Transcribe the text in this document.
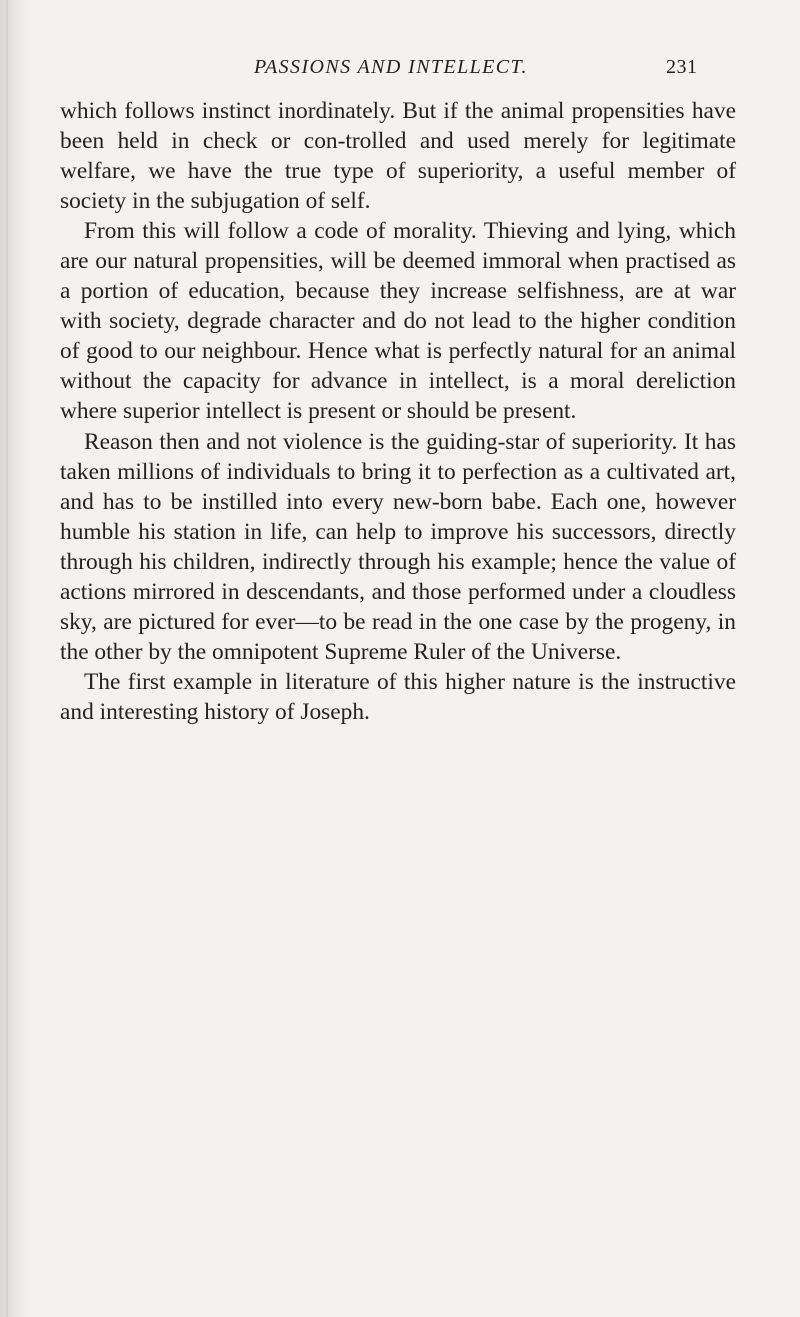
PASSIONS AND INTELLECT.	231

which follows instinct inordinately. But if the animal propensities have been held in check or con-trolled and used merely for legitimate welfare, we have the true type of superiority, a useful member of society in the subjugation of self.

From this will follow a code of morality. Thieving and lying, which are our natural propensities, will be deemed immoral when practised as a portion of education, because they increase selfishness, are at war with society, degrade character and do not lead to the higher condition of good to our neighbour. Hence what is perfectly natural for an animal without the capacity for advance in intellect, is a moral dereliction where superior intellect is present or should be present.

Reason then and not violence is the guiding-star of superiority. It has taken millions of individuals to bring it to perfection as a cultivated art, and has to be instilled into every new-born babe. Each one, however humble his station in life, can help to improve his successors, directly through his children, indirectly through his example; hence the value of actions mirrored in descendants, and those performed under a cloudless sky, are pictured for ever—to be read in the one case by the progeny, in the other by the omnipotent Supreme Ruler of the Universe.

The first example in literature of this higher nature is the instructive and interesting history of Joseph.
